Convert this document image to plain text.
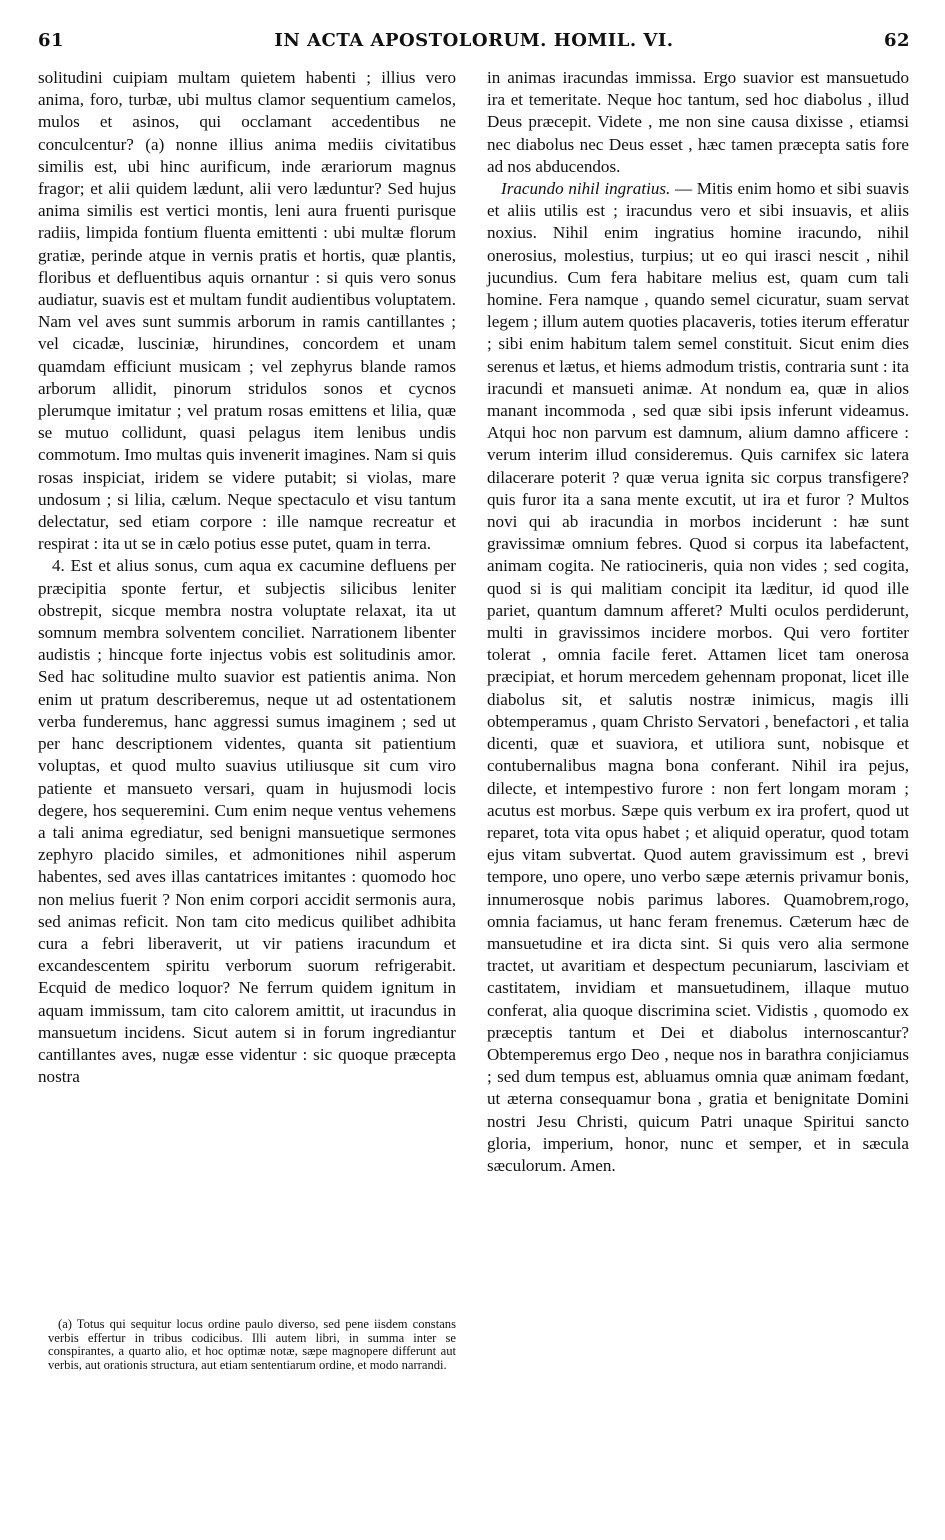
61	IN ACTA APOSTOLORUM. HOMIL. VI.	62

solitudini cuipiam multam quietem habenti ; illius vero anima, foro, turbæ, ubi multus clamor sequentium camelos, mulos et asinos, qui occlamant accedentibus ne conculcentur? (a) nonne illius anima mediis civitatibus similis est, ubi hinc aurificum, inde ærariorum magnus fragor; et alii quidem lædunt, alii vero læduntur? Sed hujus anima similis est vertici montis, leni aura fruenti purisque radiis, limpida fontium fluenta emittenti : ubi multæ florum gratiæ, perinde atque in vernis pratis et hortis, quæ plantis, floribus et defluentibus aquis ornantur : si quis vero sonus audiatur, suavis est et multam fundit audientibus voluptatem. Nam vel aves sunt summis arborum in ramis cantillantes ; vel cicadæ, lusciniæ, hirundines, concordem et unam quamdam efficiunt musicam ; vel zephyrus blande ramos arborum allidit, pinorum stridulos sonos et cycnos plerumque imitatur ; vel pratum rosas emittens et lilia, quæ se mutuo collidunt, quasi pelagus item lenibus undis commotum. Imo multas quis invenerit imagines. Nam si quis rosas inspiciat, iridem se videre putabit; si violas, mare undosum ; si lilia, cælum. Neque spectaculo et visu tantum delectatur, sed etiam corpore : ille namque recreatur et respirat : ita ut se in cælo potius esse putet, quam in terra.

4. Est et alius sonus, cum aqua ex cacumine defluens per præcipitia sponte fertur, et subjectis silicibus leniter obstrepit, sicque membra nostra voluptate relaxat, ita ut somnum membra solventem conciliet. Narrationem libenter audistis ; hincque forte injectus vobis est solitudinis amor. Sed hac solitudine multo suavior est patientis anima. Non enim ut pratum describeremus, neque ut ad ostentationem verba funderemus, hanc aggressi sumus imaginem ; sed ut per hanc descriptionem videntes, quanta sit patientium voluptas, et quod multo suavius utiliusque sit cum viro patiente et mansueto versari, quam in hujusmodi locis degere, hos sequeremini. Cum enim neque ventus vehemens a tali anima egrediatur, sed benigni mansuetique sermones zephyro placido similes, et admonitiones nihil asperum habentes, sed aves illas cantatrices imitantes : quomodo hoc non melius fuerit ? Non enim corpori accidit sermonis aura, sed animas reficit. Non tam cito medicus quilibet adhibita cura a febri liberaverit, ut vir patiens iracundum et excandescentem spiritu verborum suorum refrigerabit. Ecquid de medico loquor? Ne ferrum quidem ignitum in aquam immissum, tam cito calorem amittit, ut iracundus in mansuetum incidens. Sicut autem si in forum ingrediantur cantillantes aves, nugæ esse videntur : sic quoque præcepta nostra

(a) Totus qui sequitur locus ordine paulo diverso, sed pene iisdem constans verbis effertur in tribus codicibus. Illi autem libri, in summa inter se conspirantes, a quarto alio, et hoc optimæ notæ, sæpe magnopere differunt aut verbis, aut orationis structura, aut etiam sententiarum ordine, et modo narrandi.

in animas iracundas immissa. Ergo suavior est mansuetudo ira et temeritate. Neque hoc tantum, sed hoc diabolus , illud Deus præcepit. Videte , me non sine causa dixisse , etiamsi nec diabolus nec Deus esset , hæc tamen præcepta satis fore ad nos abducendos.

Iracundo nihil ingratius. — Mitis enim homo et sibi suavis et aliis utilis est ; iracundus vero et sibi insuavis, et aliis noxius. Nihil enim ingratius homine iracundo, nihil onerosius, molestius, turpius; ut eo qui irasci nescit , nihil jucundius. Cum fera habitare melius est, quam cum tali homine. Fera namque , quando semel cicuratur, suam servat legem ; illum autem quoties placaveris, toties iterum efferatur ; sibi enim habitum talem semel constituit. Sicut enim dies serenus et lætus, et hiems admodum tristis, contraria sunt : ita iracundi et mansueti animæ. At nondum ea, quæ in alios manant incommoda , sed quæ sibi ipsis inferunt videamus. Atqui hoc non parvum est damnum, alium damno afficere : verum interim illud consideremus. Quis carnifex sic latera dilacerare poterit ? quæ verua ignita sic corpus transfigere? quis furor ita a sana mente excutit, ut ira et furor ? Multos novi qui ab iracundia in morbos inciderunt : hæ sunt gravissimæ omnium febres. Quod si corpus ita labefactent, animam cogita. Ne ratiocineris, quia non vides ; sed cogita, quod si is qui malitiam concipit ita læditur, id quod ille pariet, quantum damnum afferet? Multi oculos perdiderunt, multi in gravissimos incidere morbos. Qui vero fortiter tolerat , omnia facile feret. Attamen licet tam onerosa præcipiat, et horum mercedem gehennam proponat, licet ille diabolus sit, et salutis nostræ inimicus, magis illi obtemperamus , quam Christo Servatori , benefactori , et talia dicenti, quæ et suaviora, et utiliora sunt, nobisque et contubernalibus magna bona conferant. Nihil ira pejus, dilecte, et intempestivo furore : non fert longam moram ; acutus est morbus. Sæpe quis verbum ex ira profert, quod ut reparet, tota vita opus habet ; et aliquid operatur, quod totam ejus vitam subvertat. Quod autem gravissimum est , brevi tempore, uno opere, uno verbo sæpe æternis privamur bonis, innumerosque nobis parimus labores. Quamobrem,rogo, omnia faciamus, ut hanc feram frenemus. Cæterum hæc de mansuetudine et ira dicta sint. Si quis vero alia sermone tractet, ut avaritiam et despectum pecuniarum, lasciviam et castitatem, invidiam et mansuetudinem, illaque mutuo conferat, alia quoque discrimina sciet. Vidistis , quomodo ex præceptis tantum et Dei et diabolus internoscantur? Obtemperemus ergo Deo , neque nos in barathra conjiciamus ; sed dum tempus est, abluamus omnia quæ animam fœdant, ut æterna consequamur bona , gratia et benignitate Domini nostri Jesu Christi, quicum Patri unaque Spiritui sancto gloria, imperium, honor, nunc et semper, et in sæcula sæculorum. Amen.
